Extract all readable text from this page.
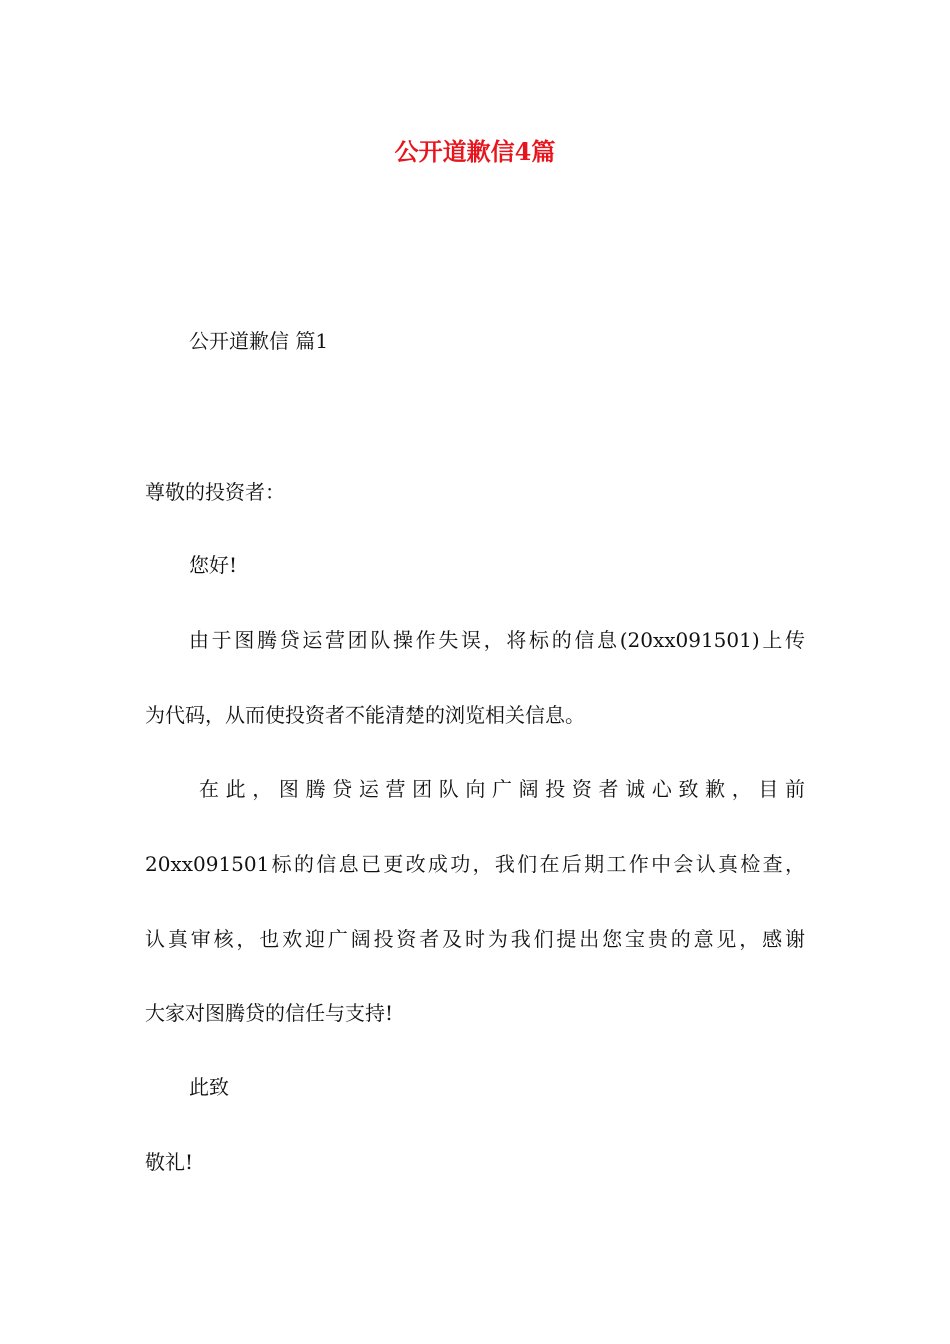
公开道歉信4篇
公开道歉信 篇1
尊敬的投资者：
您好!
由于图腾贷运营团队操作失误，将标的信息(20xx091501)上传
为代码，从而使投资者不能清楚的浏览相关信息。
在此，图腾贷运营团队向广阔投资者诚心致歉，目前
20xx091501标的信息已更改成功，我们在后期工作中会认真检查，
认真审核，也欢迎广阔投资者及时为我们提出您宝贵的意见，感谢
大家对图腾贷的信任与支持!
此致
敬礼!
